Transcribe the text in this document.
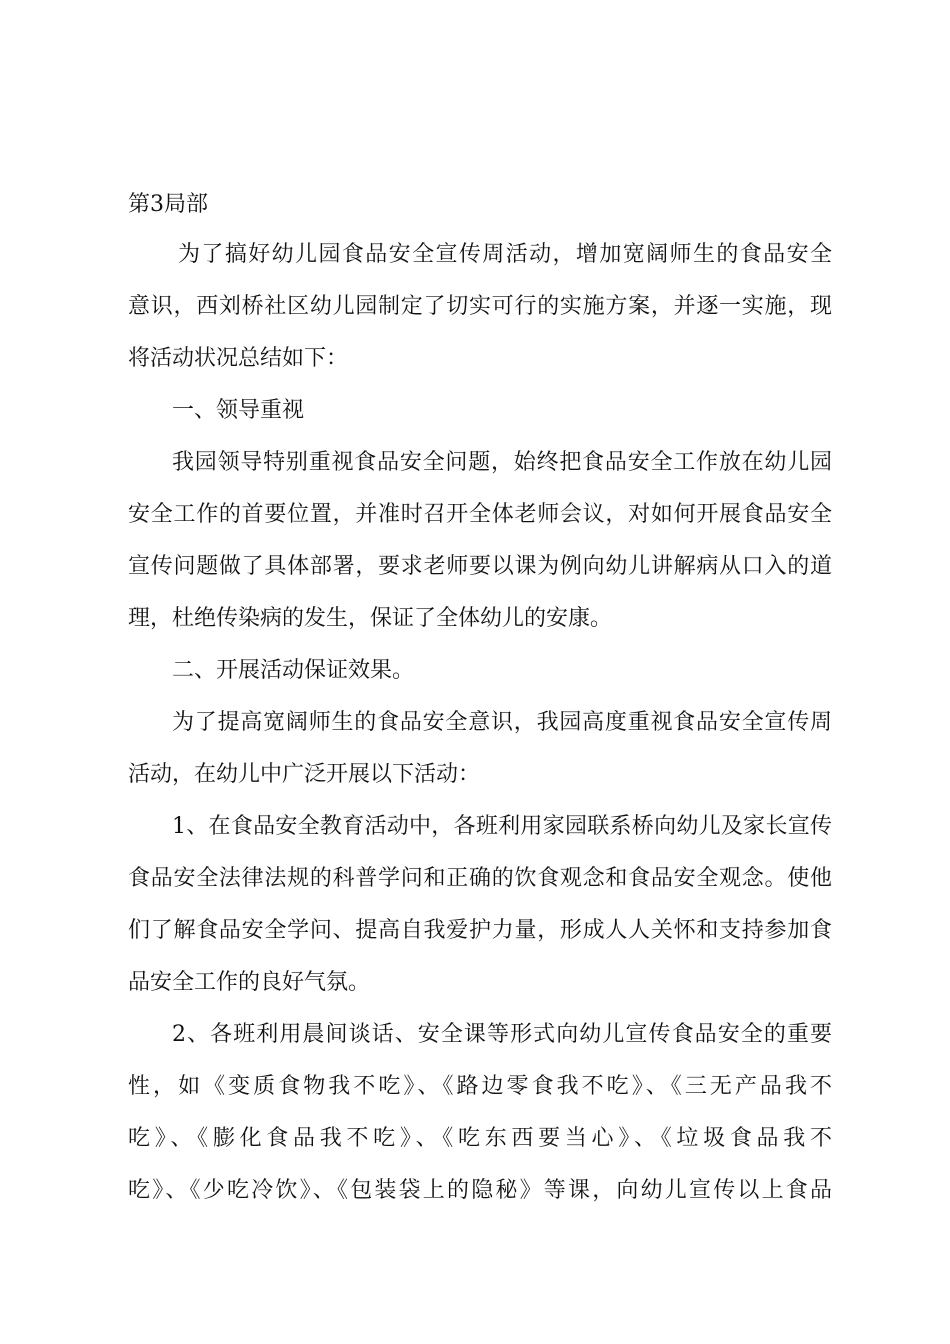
第3局部
为了搞好幼儿园食品安全宣传周活动，增加宽阔师生的食品安全
意识，西刘桥社区幼儿园制定了切实可行的实施方案，并逐一实施，现
将活动状况总结如下：
一、领导重视
我园领导特别重视食品安全问题，始终把食品安全工作放在幼儿园
安全工作的首要位置，并准时召开全体老师会议，对如何开展食品安全
宣传问题做了具体部署，要求老师要以课为例向幼儿讲解病从口入的道
理，杜绝传染病的发生，保证了全体幼儿的安康。
二、开展活动保证效果。
为了提高宽阔师生的食品安全意识，我园高度重视食品安全宣传周
活动，在幼儿中广泛开展以下活动：
1、在食品安全教育活动中，各班利用家园联系桥向幼儿及家长宣传
食品安全法律法规的科普学问和正确的饮食观念和食品安全观念。使他
们了解食品安全学问、提高自我爱护力量，形成人人关怀和支持参加食
品安全工作的良好气氛。
2、各班利用晨间谈话、安全课等形式向幼儿宣传食品安全的重要
性，如《变质食物我不吃》、《路边零食我不吃》、《三无产品我不
吃》、《膨化食品我不吃》、《吃东西要当心》、《垃圾食品我不
吃》、《少吃冷饮》、《包装袋上的隐秘》等课，向幼儿宣传以上食品
